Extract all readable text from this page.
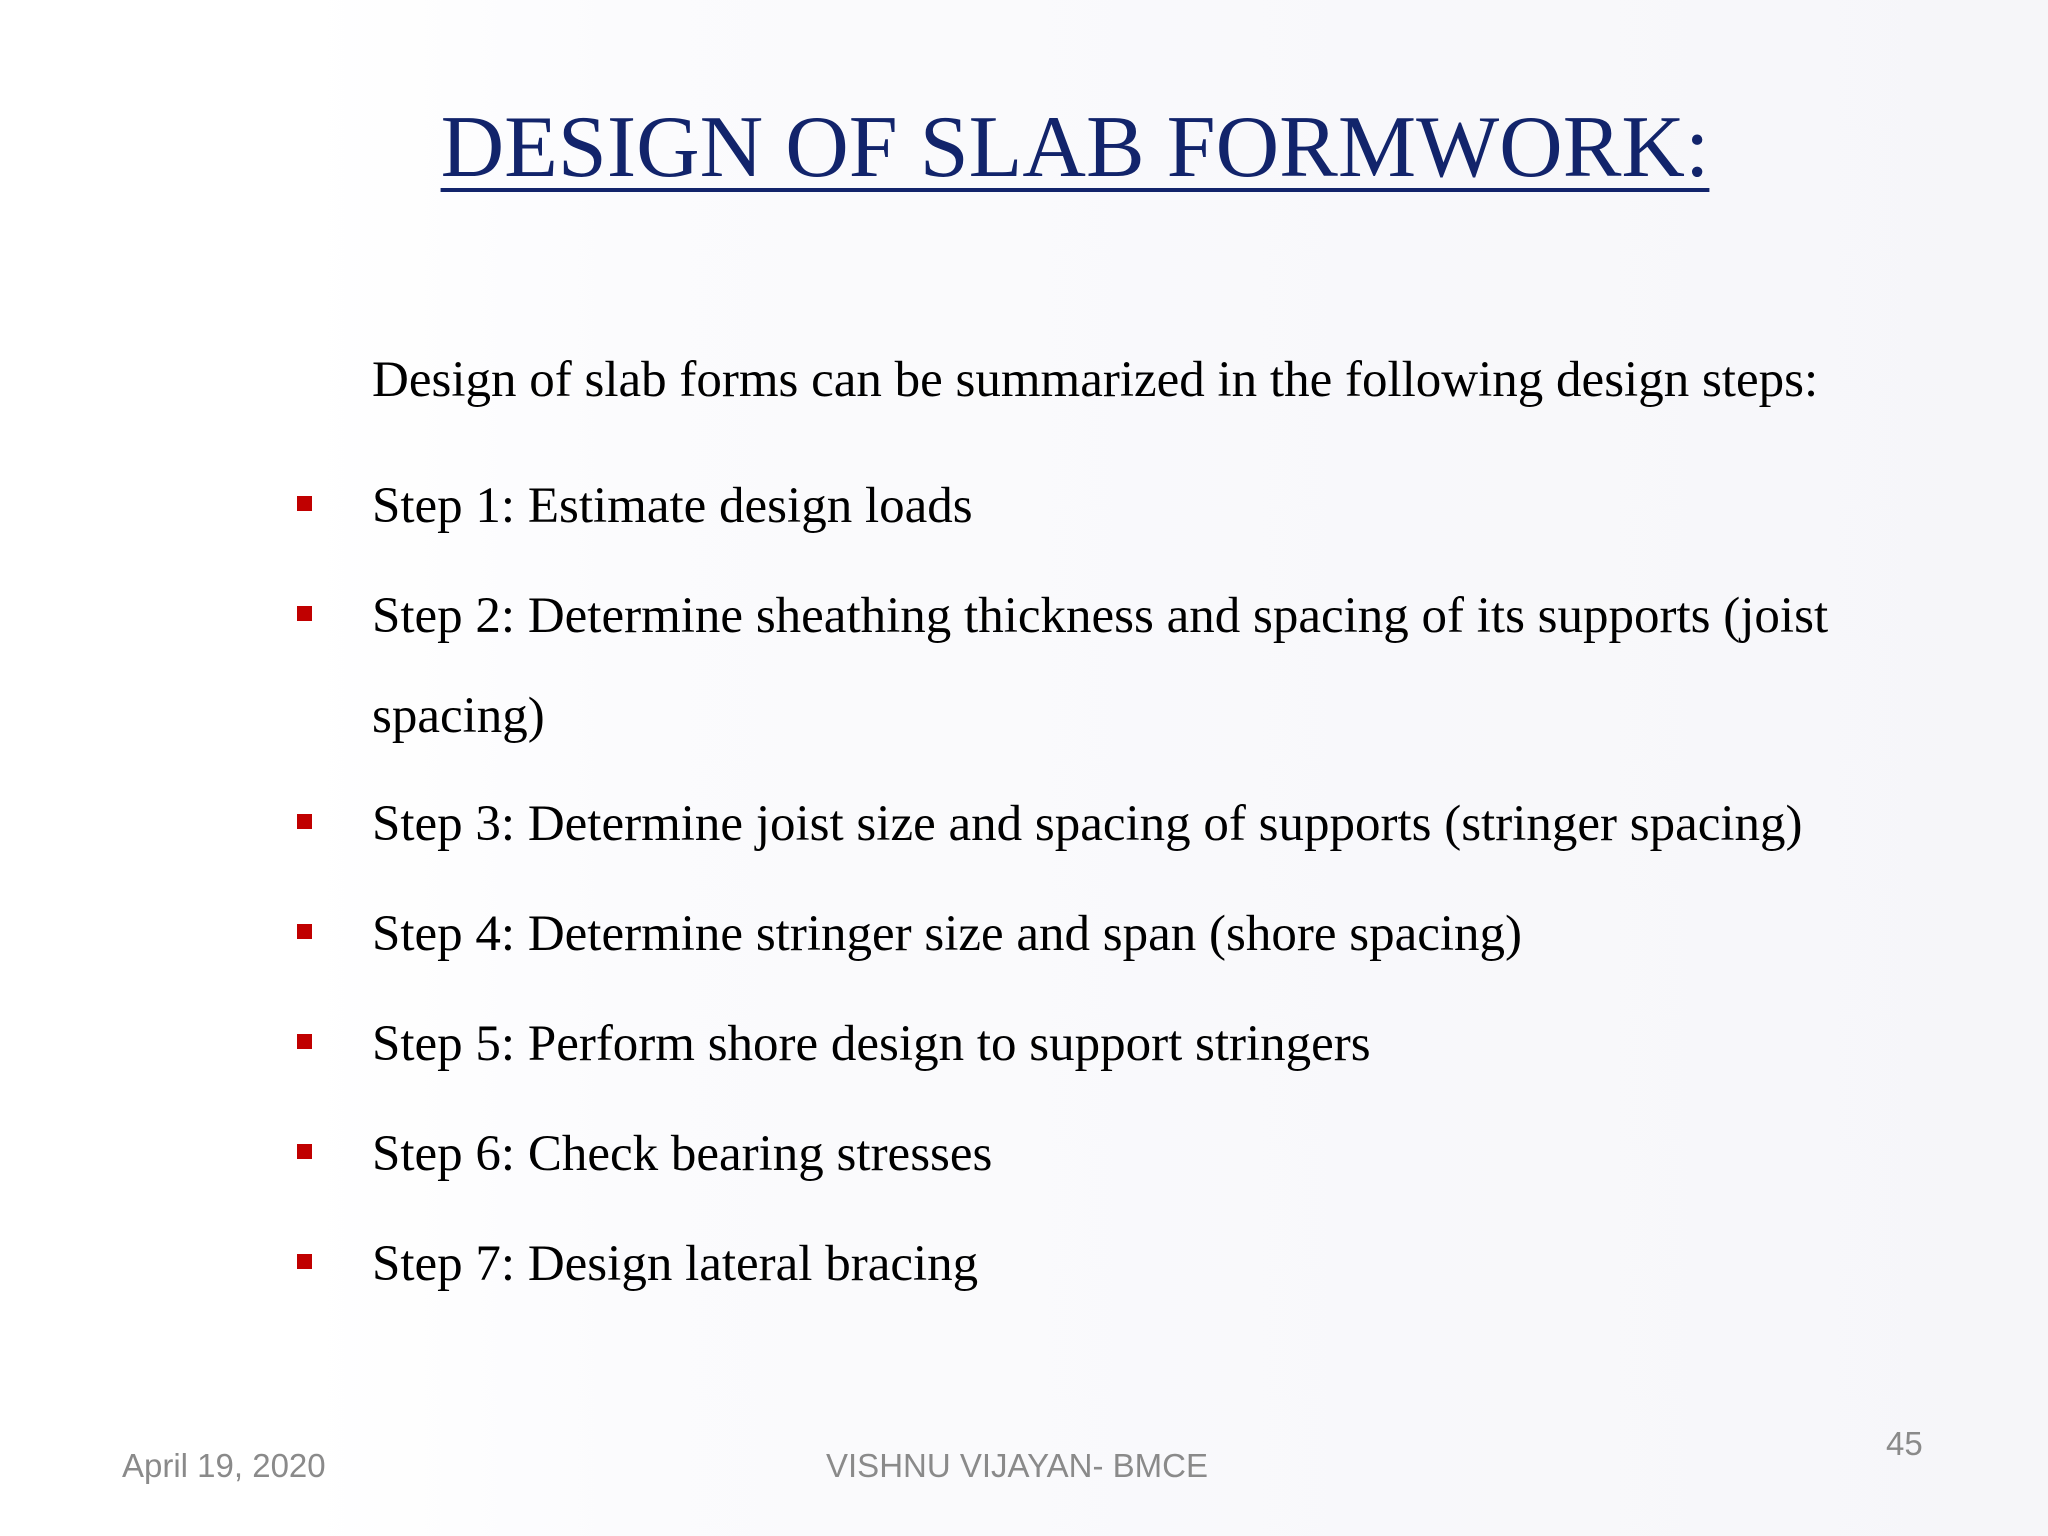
DESIGN OF SLAB FORMWORK:
Design of slab forms can be summarized in the following design steps:
Step 1: Estimate design loads
Step 2: Determine sheathing thickness and spacing of its supports (joist spacing)
Step 3: Determine joist size and spacing of supports (stringer spacing)
Step 4: Determine stringer size and span (shore spacing)
Step 5: Perform shore design to support stringers
Step 6: Check bearing stresses
Step 7: Design lateral bracing
April 19, 2020	VISHNU VIJAYAN- BMCE
45
